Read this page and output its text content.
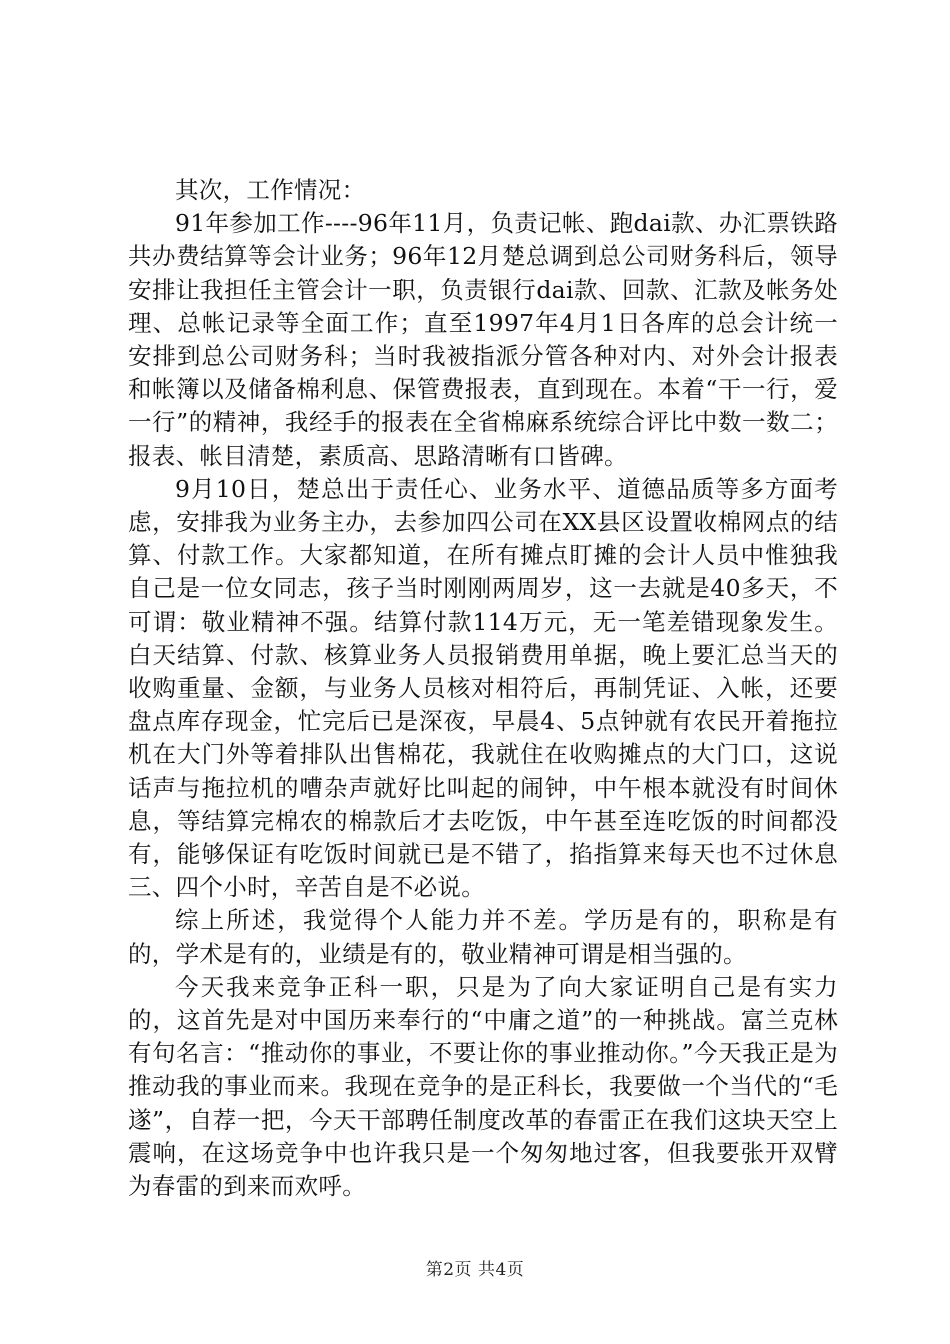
其次，工作情况：

91年参加工作----96年11月，负责记帐、跑dai款、办汇票铁路共办费结算等会计业务；96年12月楚总调到总公司财务科后，领导安排让我担任主管会计一职，负责银行dai款、回款、汇款及帐务处理、总帐记录等全面工作；直至1997年4月1日各库的总会计统一安排到总公司财务科；当时我被指派分管各种对内、对外会计报表和帐簿以及储备棉利息、保管费报表，直到现在。本着“干一行，爱一行”的精神，我经手的报表在全省棉麻系统综合评比中数一数二；报表、帐目清楚，素质高、思路清晰有口皆碑。

9月10日，楚总出于责任心、业务水平、道德品质等多方面考虑，安排我为业务主办，去参加四公司在XX县区设置收棉网点的结算、付款工作。大家都知道，在所有摊点盯摊的会计人员中惟独我自己是一位女同志，孩子当时刚刚两周岁，这一去就是40多天，不可谓：敬业精神不强。结算付款114万元，无一笔差错现象发生。白天结算、付款、核算业务人员报销费用单据，晚上要汇总当天的收购重量、金额，与业务人员核对相符后，再制凭证、入帐，还要盘点库存现金，忙完后已是深夜，早晨4、5点钟就有农民开着拖拉机在大门外等着排队出售棉花，我就住在收购摊点的大门口，这说话声与拖拉机的嘈杂声就好比叫起的闹钟，中午根本就没有时间休息，等结算完棉农的棉款后才去吃饭，中午甚至连吃饭的时间都没有，能够保证有吃饭时间就已是不错了，掐指算来每天也不过休息三、四个小时，辛苦自是不必说。

综上所述，我觉得个人能力并不差。学历是有的，职称是有的，学术是有的，业绩是有的，敬业精神可谓是相当强的。

今天我来竞争正科一职，只是为了向大家证明自己是有实力的，这首先是对中国历来奉行的“中庸之道”的一种挑战。富兰克林有句名言：“推动你的事业，不要让你的事业推动你。”今天我正是为推动我的事业而来。我现在竞争的是正科长，我要做一个当代的“毛遂”，自荐一把，今天干部聘任制度改革的春雷正在我们这块天空上震响，在这场竞争中也许我只是一个匆匆地过客，但我要张开双臂为春雷的到来而欢呼。

第2页 共4页
